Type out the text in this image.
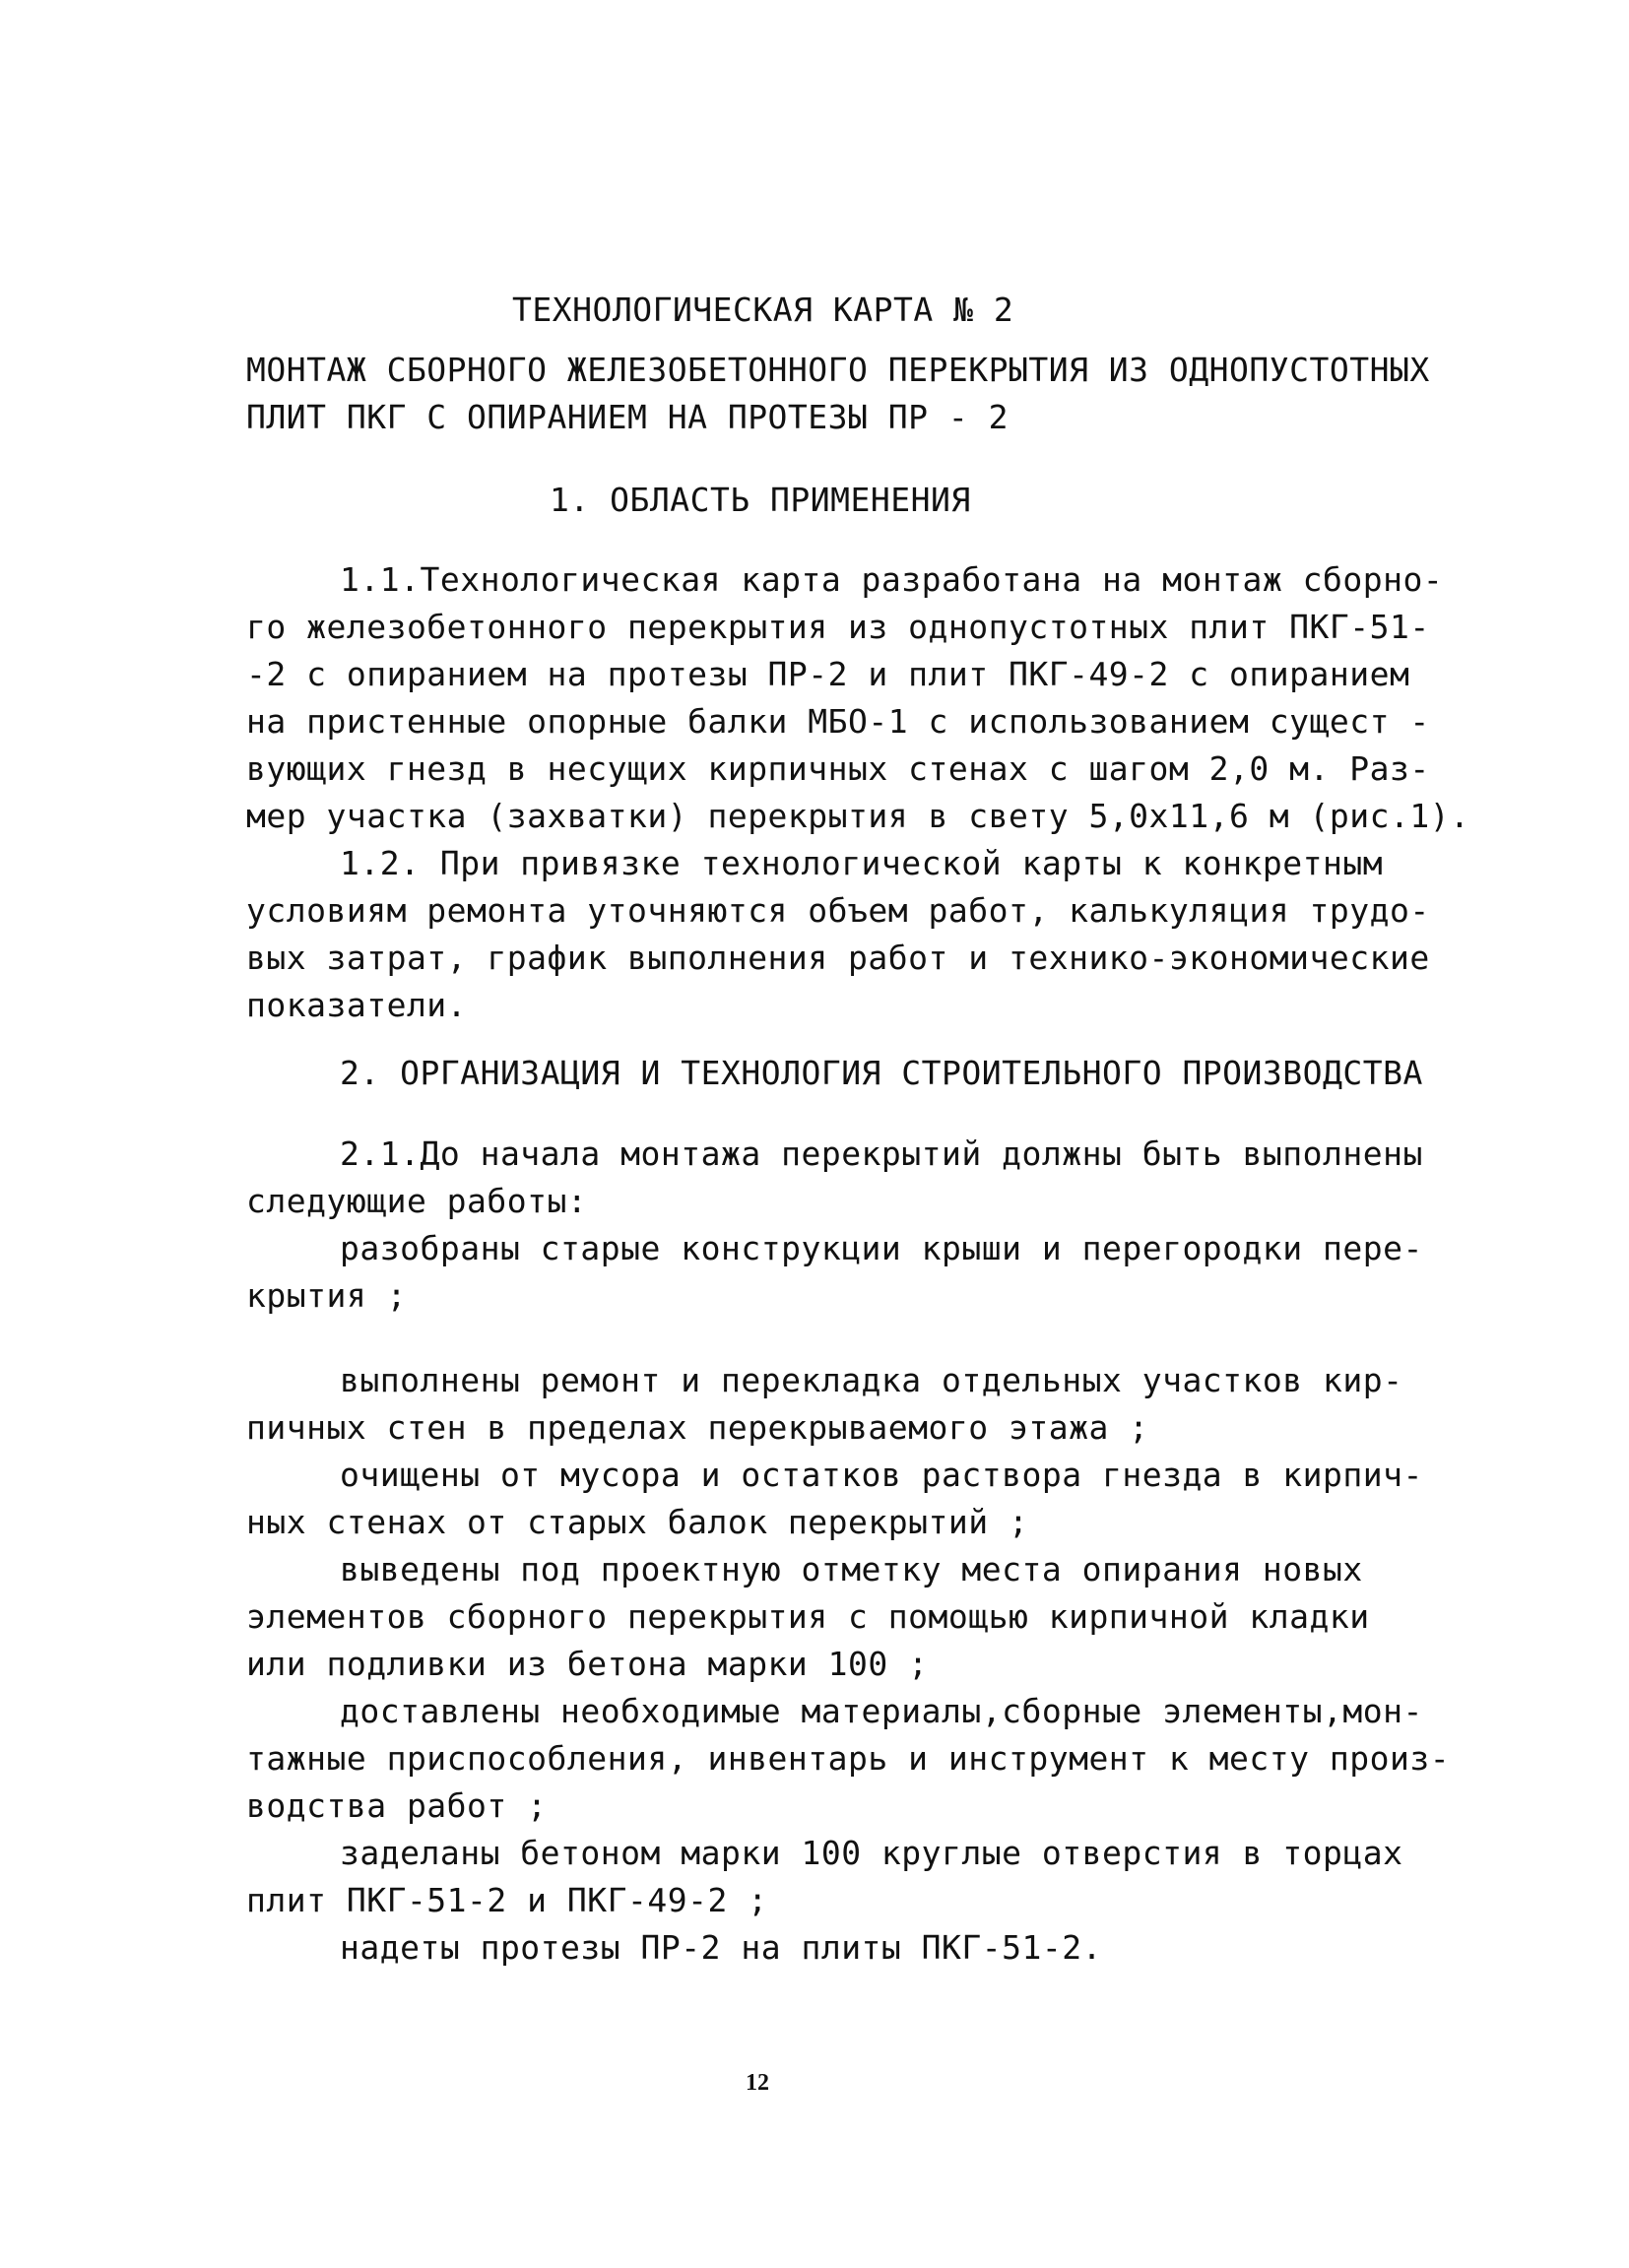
ТЕХНОЛОГИЧЕСКАЯ КАРТА № 2
МОНТАЖ СБОРНОГО ЖЕЛЕЗОБЕТОННОГО ПЕРЕКРЫТИЯ ИЗ ОДНОПУСТОТНЫХ
ПЛИТ ПКГ С ОПИРАНИЕМ НА ПРОТЕЗЫ ПР - 2
1. ОБЛАСТЬ ПРИМЕНЕНИЯ
1.1.Технологическая карта разработана на монтаж сборно-
го железобетонного перекрытия из однопустотных плит ПКГ-51-
-2 с опиранием на протезы ПР-2 и плит ПКГ-49-2 с опиранием
на пристенные опорные балки МБО-1 с использованием сущест -
вующих гнезд в несущих кирпичных стенах с шагом 2,0 м. Раз-
мер участка (захватки) перекрытия в свету 5,0х11,6 м (рис.1).
1.2. При привязке технологической карты к конкретным
условиям ремонта уточняются объем работ, калькуляция трудо-
вых затрат, график выполнения работ и технико-экономические
показатели.
2. ОРГАНИЗАЦИЯ И ТЕХНОЛОГИЯ СТРОИТЕЛЬНОГО ПРОИЗВОДСТВА
2.1.До начала монтажа перекрытий должны быть выполнены
следующие работы:
разобраны старые конструкции крыши и перегородки пере-
крытия ;
выполнены ремонт и перекладка отдельных участков кир-
пичных стен в пределах перекрываемого этажа ;
очищены от мусора и остатков раствора гнезда в кирпич-
ных стенах от старых балок перекрытий ;
выведены под проектную отметку места опирания новых
элементов сборного перекрытия с помощью кирпичной кладки
или подливки из бетона марки 100 ;
доставлены необходимые материалы,сборные элементы,мон-
тажные приспособления, инвентарь и инструмент к месту произ-
водства работ ;
заделаны бетоном марки 100 круглые отверстия в торцах
плит ПКГ-51-2 и ПКГ-49-2 ;
надеты протезы ПР-2 на плиты ПКГ-51-2.
12
